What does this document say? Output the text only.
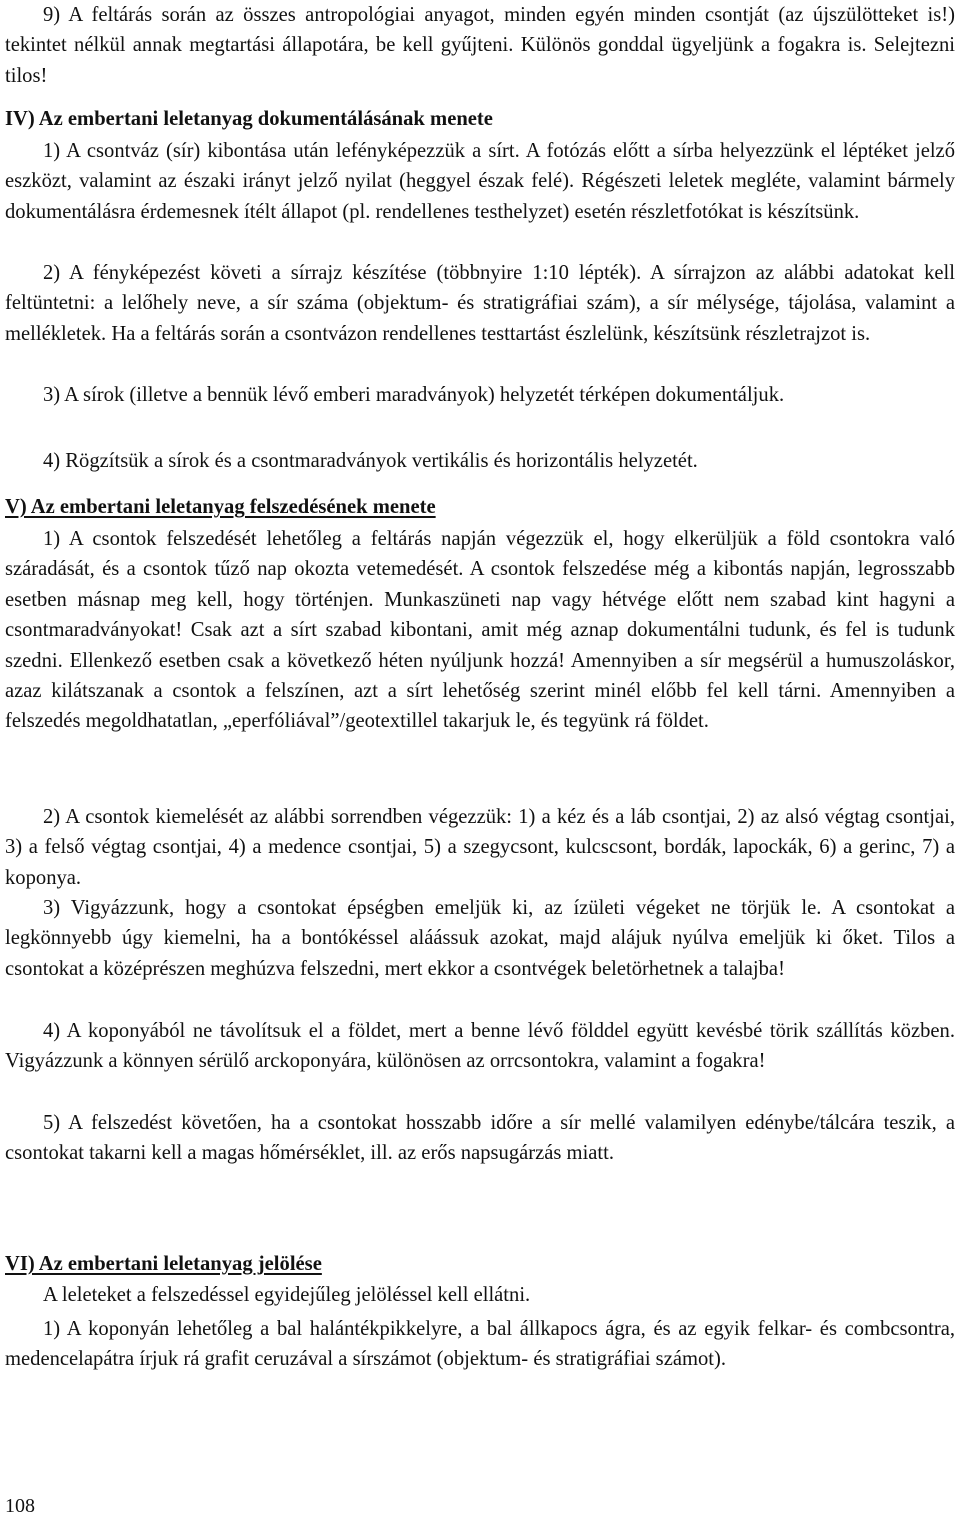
9) A feltárás során az összes antropológiai anyagot, minden egyén minden csontját (az újszülötteket is!) tekintet nélkül annak megtartási állapotára, be kell gyűjteni. Különös gonddal ügyeljünk a fogakra is. Selejtezni tilos!

IV) Az embertani leletanyag dokumentálásának menete

1) A csontváz (sír) kibontása után lefényképezzük a sírt. A fotózás előtt a sírba helyezzünk el léptéket jelző eszközt, valamint az északi irányt jelző nyilat (heggyel észak felé). Régészeti leletek megléte, valamint bármely dokumentálásra érdemesnek ítélt állapot (pl. rendellenes testhelyzet) esetén részletfotókat is készítsünk.

2) A fényképezést követi a sírrajz készítése (többnyire 1:10 lépték). A sírrajzon az alábbi adatokat kell feltüntetni: a lelőhely neve, a sír száma (objektum- és stratigráfiai szám), a sír mélysége, tájolása, valamint a mellékletek. Ha a feltárás során a csontvázon rendellenes testtartást észlelünk, készítsünk részletrajzot is.

3) A sírok (illetve a bennük lévő emberi maradványok) helyzetét térképen dokumentáljuk.

4) Rögzítsük a sírok és a csontmaradványok vertikális és horizontális helyzetét.

V) Az embertani leletanyag felszedésének menete

1) A csontok felszedését lehetőleg a feltárás napján végezzük el, hogy elkerüljük a föld csontokra való száradását, és a csontok tűző nap okozta vetemedését. A csontok felszedése még a kibontás napján, legrosszabb esetben másnap meg kell, hogy történjen. Munkaszüneti nap vagy hétvége előtt nem szabad kint hagyni a csontmaradványokat! Csak azt a sírt szabad kibontani, amit még aznap dokumentálni tudunk, és fel is tudunk szedni. Ellenkező esetben csak a következő héten nyúljunk hozzá! Amennyiben a sír megsérül a humuszoláskor, azaz kilátszanak a csontok a felszínen, azt a sírt lehetőség szerint minél előbb fel kell tárni. Amennyiben a felszedés megoldhatatlan, „eperfóliával”/geotextillel takarjuk le, és tegyünk rá földet.

2) A csontok kiemelését az alábbi sorrendben végezzük: 1) a kéz és a láb csontjai, 2) az alsó végtag csontjai, 3) a felső végtag csontjai, 4) a medence csontjai, 5) a szegycsont, kulcscsont, bordák, lapockák, 6) a gerinc, 7) a koponya.

3) Vigyázzunk, hogy a csontokat épségben emeljük ki, az ízületi végeket ne törjük le. A csontokat a legkönnyebb úgy kiemelni, ha a bontókéssel aláássuk azokat, majd alájuk nyúlva emeljük ki őket. Tilos a csontokat a középrészen meghúzva felszedni, mert ekkor a csontvégek beletörhetnek a talajba!

4) A koponyából ne távolítsuk el a földet, mert a benne lévő földdel együtt kevésbé törik szállítás közben. Vigyázzunk a könnyen sérülő arckoponyára, különösen az orrcsontokra, valamint a fogakra!

5) A felszedést követően, ha a csontokat hosszabb időre a sír mellé valamilyen edénybe/tálcára teszik, a csontokat takarni kell a magas hőmérséklet, ill. az erős napsugárzás miatt.

VI) Az embertani leletanyag jelölése

A leleteket a felszedéssel egyidejűleg jelöléssel kell ellátni.

1) A koponyán lehetőleg a bal halántékpikkelyre, a bal állkapocs ágra, és az egyik felkar- és combcsontra, medencelapátra írjuk rá grafit ceruzával a sírszámot (objektum- és stratigráfiai számot).

108
